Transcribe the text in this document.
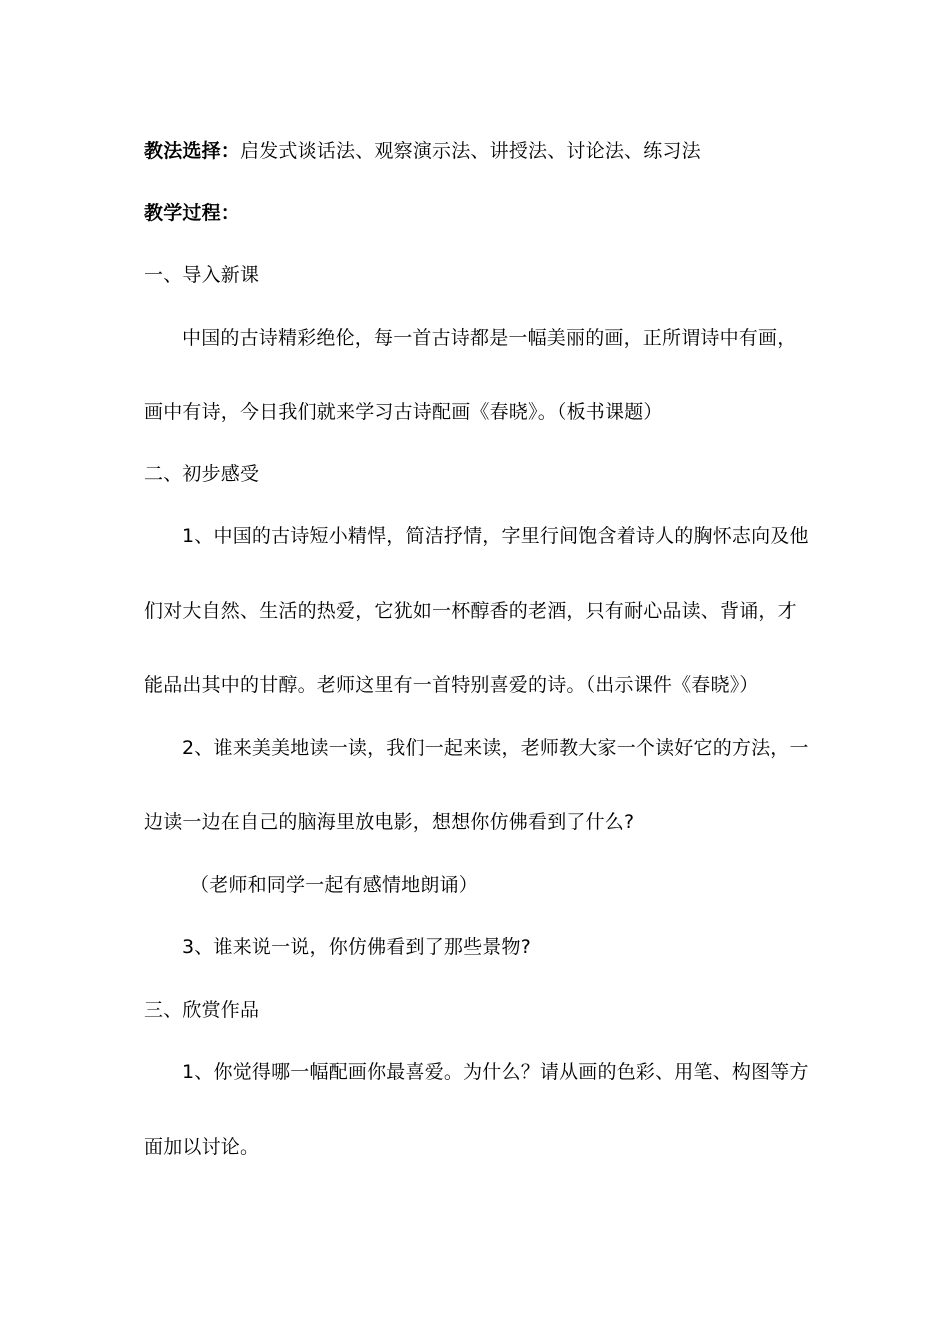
教法选择：启发式谈话法、观察演示法、讲授法、讨论法、练习法
教学过程：
一、导入新课
中国的古诗精彩绝伦，每一首古诗都是一幅美丽的画，正所谓诗中有画，
画中有诗，今日我们就来学习古诗配画《春晓》。（板书课题）
二、初步感受
1、中国的古诗短小精悍，简洁抒情，字里行间饱含着诗人的胸怀志向及他
们对大自然、生活的热爱，它犹如一杯醇香的老酒，只有耐心品读、背诵，才
能品出其中的甘醇。老师这里有一首特别喜爱的诗。（出示课件《春晓》）
2、谁来美美地读一读，我们一起来读，老师教大家一个读好它的方法，一
边读一边在自己的脑海里放电影，想想你仿佛看到了什么?
（老师和同学一起有感情地朗诵）
3、谁来说一说，你仿佛看到了那些景物?
三、欣赏作品
1、你觉得哪一幅配画你最喜爱。为什么？请从画的色彩、用笔、构图等方
面加以讨论。
